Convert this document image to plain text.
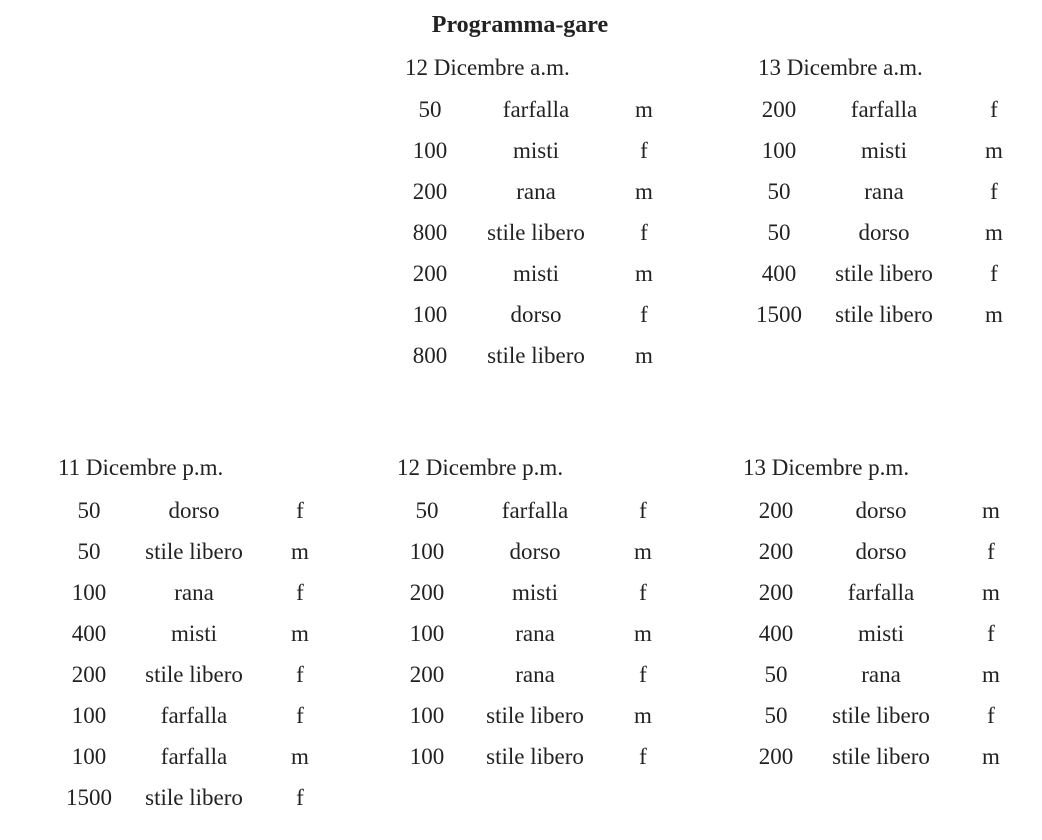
Programma-gare
12 Dicembre a.m.
50
100
200
800
200
100
800
farfalla
misti
rana
stile libero
misti
dorso
stile libero
m
f
m
f
m
f
m
13 Dicembre a.m.
200
100
50
50
400
1500
farfalla
misti
rana
dorso
stile libero
stile libero
f
m
f
m
f
m
11 Dicembre p.m.
50
50
100
400
200
100
100
1500
dorso
stile libero
rana
misti
stile libero
farfalla
farfalla
stile libero
f
m
f
m
f
f
m
f
12 Dicembre p.m.
50
100
200
100
200
100
100
farfalla
dorso
misti
rana
rana
stile libero
stile libero
f
m
f
m
f
m
f
13 Dicembre p.m.
200
200
200
400
50
50
200
dorso
dorso
farfalla
misti
rana
stile libero
stile libero
m
f
m
f
m
f
m
